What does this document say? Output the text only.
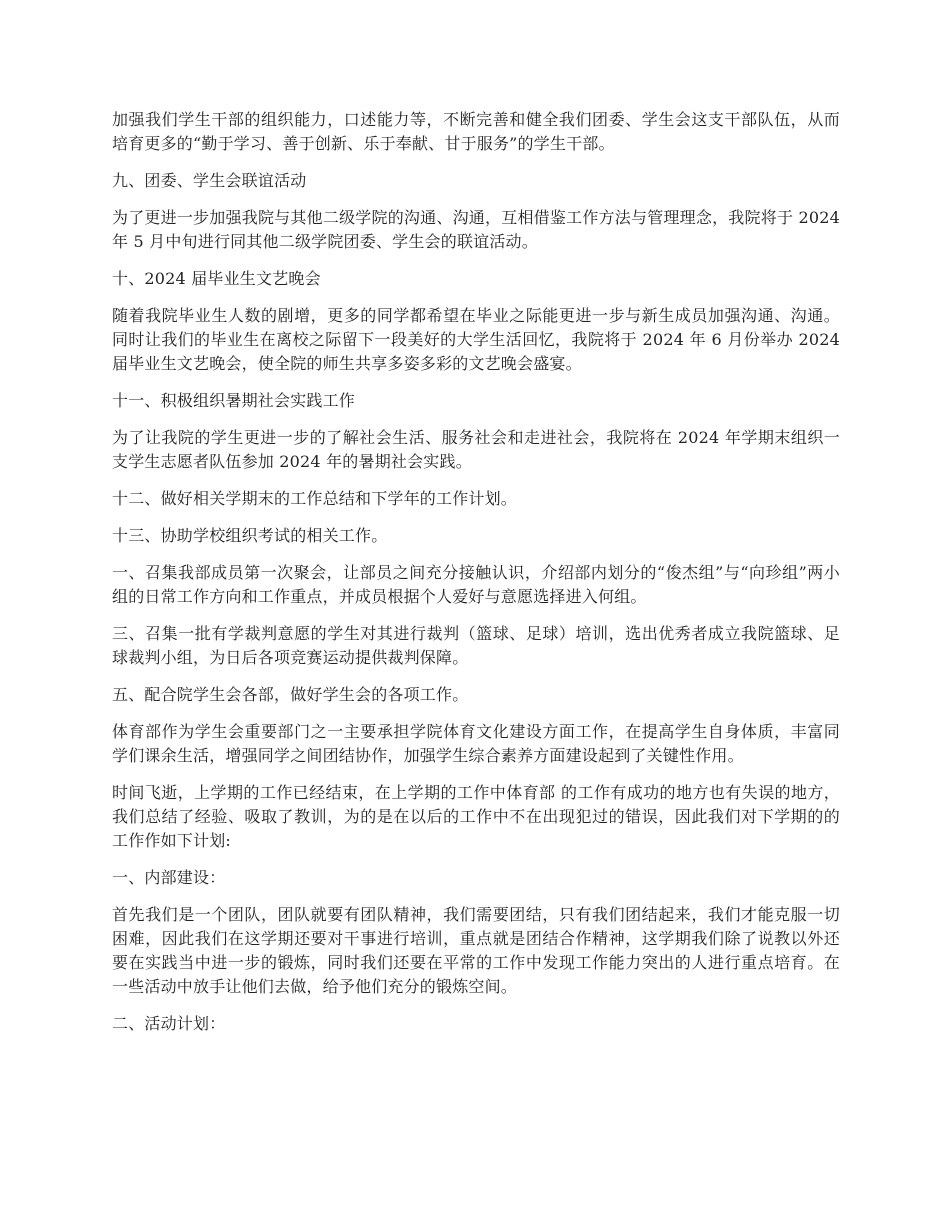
加强我们学生干部的组织能力，口述能力等，不断完善和健全我们团委、学生会这支干部队伍，从而培育更多的“勤于学习、善于创新、乐于奉献、甘于服务”的学生干部。

九、团委、学生会联谊活动

为了更进一步加强我院与其他二级学院的沟通、沟通，互相借鉴工作方法与管理理念，我院将于 2024 年 5 月中旬进行同其他二级学院团委、学生会的联谊活动。

十、2024 届毕业生文艺晚会

随着我院毕业生人数的剧增，更多的同学都希望在毕业之际能更进一步与新生成员加强沟通、沟通。同时让我们的毕业生在离校之际留下一段美好的大学生活回忆，我院将于 2024 年 6 月份举办 2024 届毕业生文艺晚会，使全院的师生共享多姿多彩的文艺晚会盛宴。

十一、积极组织暑期社会实践工作

为了让我院的学生更进一步的了解社会生活、服务社会和走进社会，我院将在 2024 年学期末组织一支学生志愿者队伍参加 2024 年的暑期社会实践。

十二、做好相关学期末的工作总结和下学年的工作计划。

十三、协助学校组织考试的相关工作。

一、召集我部成员第一次聚会，让部员之间充分接触认识，介绍部内划分的“俊杰组”与“向珍组”两小组的日常工作方向和工作重点，并成员根据个人爱好与意愿选择进入何组。

三、召集一批有学裁判意愿的学生对其进行裁判（篮球、足球）培训，选出优秀者成立我院篮球、足球裁判小组，为日后各项竞赛运动提供裁判保障。

五、配合院学生会各部，做好学生会的各项工作。

体育部作为学生会重要部门之一主要承担学院体育文化建设方面工作，在提高学生自身体质，丰富同学们课余生活，增强同学之间团结协作，加强学生综合素养方面建设起到了关键性作用。

时间飞逝，上学期的工作已经结束，在上学期的工作中体育部 的工作有成功的地方也有失误的地方，我们总结了经验、吸取了教训，为的是在以后的工作中不在出现犯过的错误，因此我们对下学期的的工作作如下计划:

一、内部建设：

首先我们是一个团队，团队就要有团队精神，我们需要团结，只有我们团结起来，我们才能克服一切困难，因此我们在这学期还要对干事进行培训，重点就是团结合作精神，这学期我们除了说教以外还要在实践当中进一步的锻炼，同时我们还要在平常的工作中发现工作能力突出的人进行重点培育。在一些活动中放手让他们去做，给予他们充分的锻炼空间。

二、活动计划：
